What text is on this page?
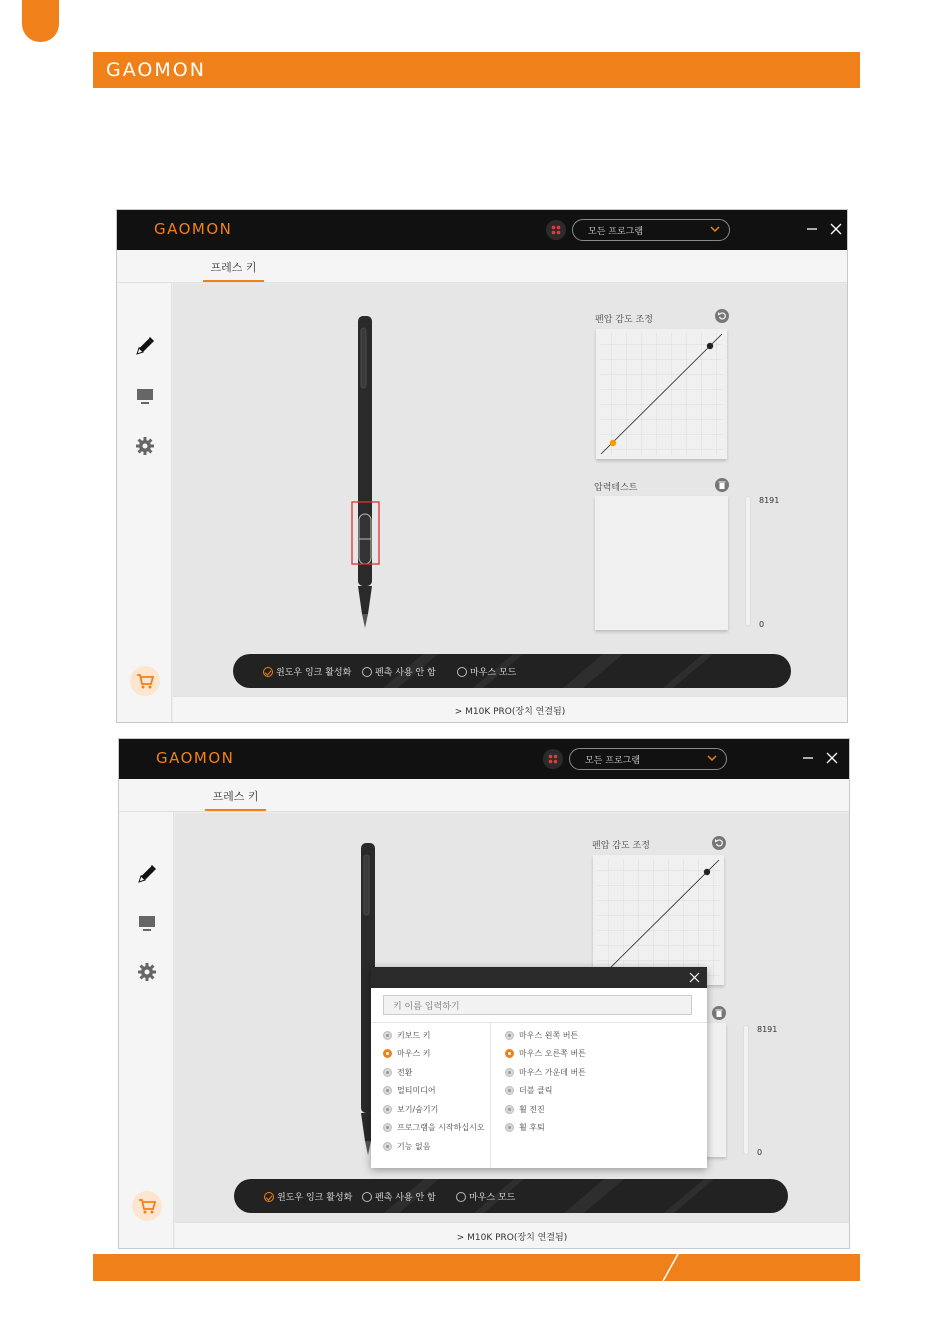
GAOMON
GAOMON	모든 프로그램
프레스 키
펜압 감도 조정
압력테스트
8191
0
윈도우 잉크 활성화	펜촉 사용 안 함	마우스 모드
> M10K PRO(장치 연결됨)
GAOMON	모든 프로그램
프레스 키
펜압 감도 조정
8191
0
키 이름 입력하기
키보드 키
마우스 키
전환
멀티미디어
보기/숨기기
프로그램을 시작하십시오
기능 없음
마우스 왼쪽 버튼
마우스 오른쪽 버튼
마우스 가운데 버튼
더블 클릭
휠 전진
휠 후퇴
윈도우 잉크 활성화	펜촉 사용 안 함	마우스 모드
> M10K PRO(장치 연결됨)
